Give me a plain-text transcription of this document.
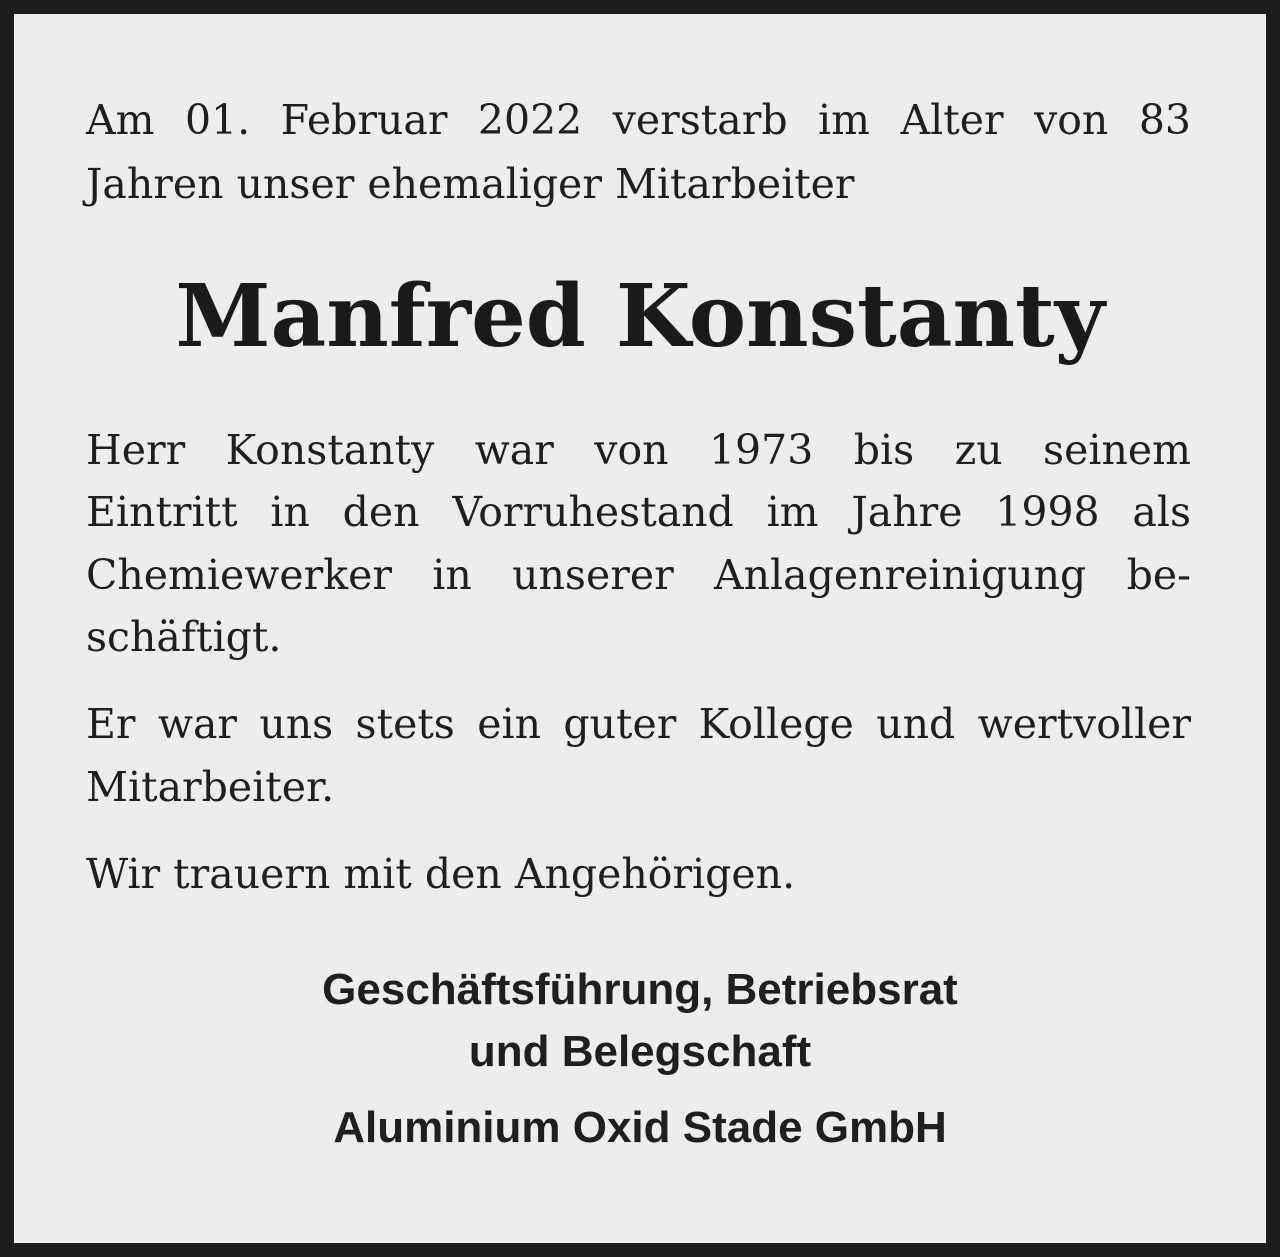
Am 01. Februar 2022 verstarb im Alter von 83
Jahren unser ehemaliger Mitarbeiter
Manfred Konstanty
Herr Konstanty war von 1973 bis zu seinem
Eintritt in den Vorruhestand im Jahre 1998 als
Chemiewerker in unserer Anlagenreinigung be-
schäftigt.
Er war uns stets ein guter Kollege und wertvoller
Mitarbeiter.
Wir trauern mit den Angehörigen.
Geschäftsführung, Betriebsrat
und Belegschaft
Aluminium Oxid Stade GmbH
